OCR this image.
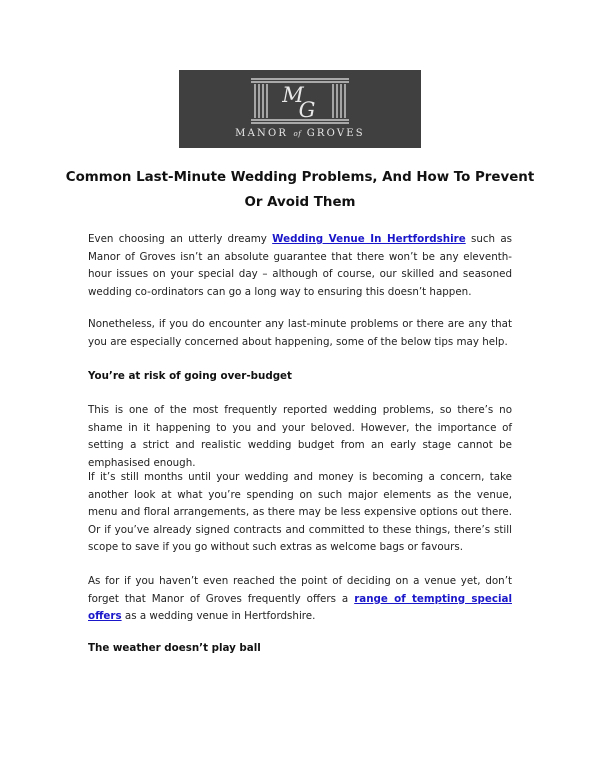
M
G
MANOR of GROVES
Common Last-Minute Wedding Problems, And How To Prevent Or Avoid Them

Even choosing an utterly dreamy Wedding Venue In Hertfordshire such as Manor of Groves isn’t an absolute guarantee that there won’t be any eleventh-hour issues on your special day – although of course, our skilled and seasoned wedding co-ordinators can go a long way to ensuring this doesn’t happen.

Nonetheless, if you do encounter any last-minute problems or there are any that you are especially concerned about happening, some of the below tips may help.

You’re at risk of going over-budget

This is one of the most frequently reported wedding problems, so there’s no shame in it happening to you and your beloved. However, the importance of setting a strict and realistic wedding budget from an early stage cannot be emphasised enough.

If it’s still months until your wedding and money is becoming a concern, take another look at what you’re spending on such major elements as the venue, menu and floral arrangements, as there may be less expensive options out there. Or if you’ve already signed contracts and committed to these things, there’s still scope to save if you go without such extras as welcome bags or favours.

As for if you haven’t even reached the point of deciding on a venue yet, don’t forget that Manor of Groves frequently offers a range of tempting special offers as a wedding venue in Hertfordshire.

The weather doesn’t play ball
